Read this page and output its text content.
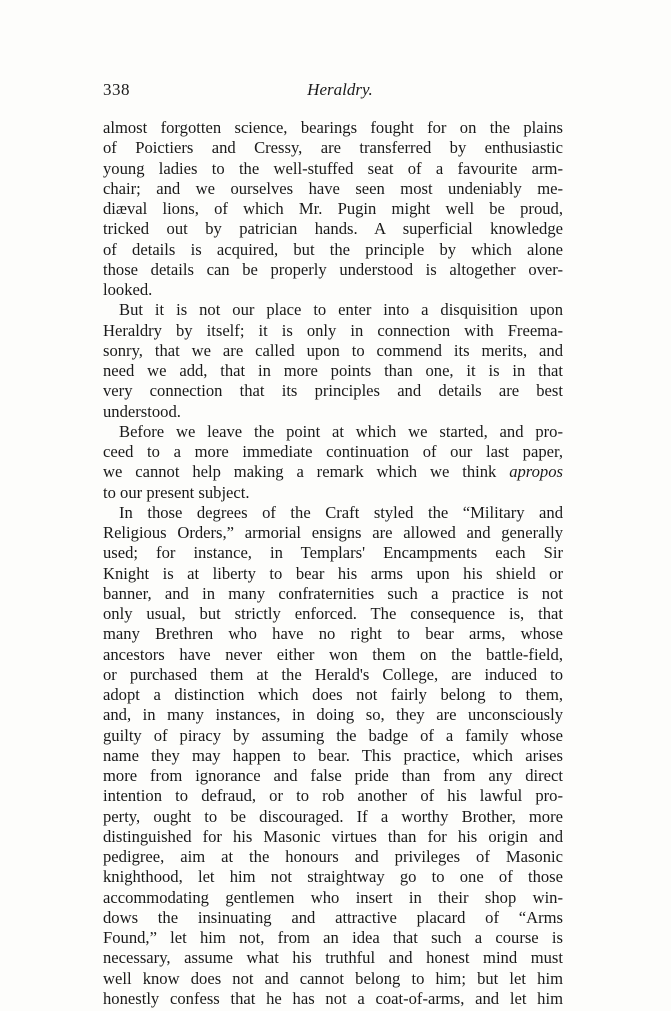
338	Heraldry.
almost forgotten science, bearings fought for on the plains
of Poictiers and Cressy, are transferred by enthusiastic
young ladies to the well-stuffed seat of a favourite arm-
chair; and we ourselves have seen most undeniably me-
diæval lions, of which Mr. Pugin might well be proud,
tricked out by patrician hands. A superficial knowledge
of details is acquired, but the principle by which alone
those details can be properly understood is altogether over-
looked.
But it is not our place to enter into a disquisition upon
Heraldry by itself; it is only in connection with Freema-
sonry, that we are called upon to commend its merits, and
need we add, that in more points than one, it is in that
very connection that its principles and details are best
understood.
Before we leave the point at which we started, and pro-
ceed to a more immediate continuation of our last paper,
we cannot help making a remark which we think apropos
to our present subject.
In those degrees of the Craft styled the “Military and
Religious Orders,” armorial ensigns are allowed and generally
used; for instance, in Templars' Encampments each Sir
Knight is at liberty to bear his arms upon his shield or
banner, and in many confraternities such a practice is not
only usual, but strictly enforced. The consequence is, that
many Brethren who have no right to bear arms, whose
ancestors have never either won them on the battle-field,
or purchased them at the Herald's College, are induced to
adopt a distinction which does not fairly belong to them,
and, in many instances, in doing so, they are unconsciously
guilty of piracy by assuming the badge of a family whose
name they may happen to bear. This practice, which arises
more from ignorance and false pride than from any direct
intention to defraud, or to rob another of his lawful pro-
perty, ought to be discouraged. If a worthy Brother, more
distinguished for his Masonic virtues than for his origin and
pedigree, aim at the honours and privileges of Masonic
knighthood, let him not straightway go to one of those
accommodating gentlemen who insert in their shop win-
dows the insinuating and attractive placard of “Arms
Found,” let him not, from an idea that such a course is
necessary, assume what his truthful and honest mind must
well know does not and cannot belong to him; but let him
honestly confess that he has not a coat-of-arms, and let him
